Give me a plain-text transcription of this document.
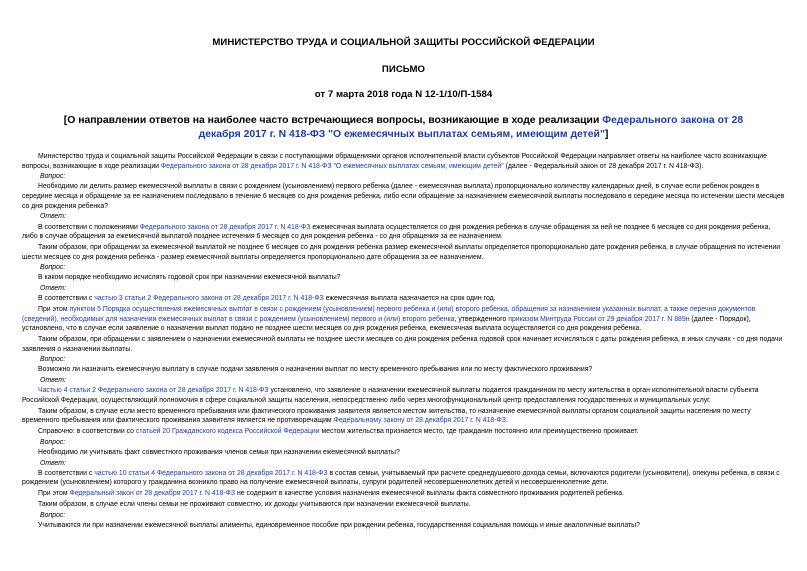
МИНИСТЕРСТВО ТРУДА И СОЦИАЛЬНОЙ ЗАЩИТЫ РОССИЙСКОЙ ФЕДЕРАЦИИ
ПИСЬМО
от 7 марта 2018 года N 12-1/10/П-1584
[О направлении ответов на наиболее часто встречающиеся вопросы, возникающие в ходе реализации Федерального закона от 28 декабря 2017 г. N 418-ФЗ "О ежемесячных выплатах семьям, имеющим детей"]

Министерство труда и социальной защиты Российской Федерации в связи с поступающими обращениями органов исполнительной власти субъектов Российской Федерации направляет ответы на наиболее часто возникающие вопросы, возникающие в ходе реализации Федерального закона от 28 декабря 2017 г. N 418-ФЗ "О ежемесячных выплатах семьям, имеющим детей" (далее - Федеральный закон от 28 декабря 2017 г. N 418-ФЗ).

Вопрос:

Необходимо ли делить размер ежемесячной выплаты в связи с рождением (усыновлением) первого ребенка (далее - ежемесячная выплата) пропорционально количеству календарных дней, в случае если ребенок рожден в середине месяца и обращение за ее назначением последовало в течение 6 месяцев со дня рождения ребенка, либо если обращение за назначением ежемесячной выплаты последовало в середине месяца по истечении шести месяцев со дня рождения ребенка?

Ответ:

В соответствии с положениями Федерального закона от 28 декабря 2017 г. N 418-ФЗ ежемесячная выплата осуществляется со дня рождения ребенка в случае обращения за ней не позднее 6 месяцев со дня рождения ребенка, либо в случае обращения за ежемесячной выплатой позднее истечения 6 месяцев со дня рождения ребенка - со дня обращения за ее назначением.

Таким образом, при обращении за ежемесячной выплатой не позднее 6 месяцев со дня рождения ребенка размер ежемесячной выплаты определяется пропорционально дате рождения ребенка, в случае обращения по истечении шести месяцев со дня рождения ребенка - размер ежемесячной выплаты определяется пропорционально дате обращения за ее назначением.

Вопрос:

В каком порядке необходимо исчислять годовой срок при назначении ежемесячной выплаты?

Ответ:

В соответствии с частью 3 статьи 2 Федерального закона от 28 декабря 2017 г. N 418-ФЗ ежемесячная выплата назначается на срок один год.

При этом пунктом 5 Порядка осуществления ежемесячных выплат в связи с рождением (усыновлением) первого ребенка и (или) второго ребенка, обращения за назначением указанных выплат, а также перечня документов (сведений), необходимых для назначения ежемесячных выплат в связи с рождением (усыновлением) первого и (или) второго ребенка, утвержденного приказом Минтруда России от 29 декабря 2017 г. N 889н (далее - Порядок), установлено, что в случае если заявление о назначении выплат подано не позднее шести месяцев со дня рождения ребенка, ежемесячная выплата осуществляется со дня рождения ребенка.

Таким образом, при обращении с заявлением о назначении ежемесячной выплаты не позднее шести месяцев со дня рождения ребенка годовой срок начинает исчисляться с даты рождения ребенка, в иных случаях - со дня подачи заявления о назначении выплаты.

Вопрос:

Возможно ли назначить ежемесячную выплату в случае подачи заявления о назначении выплат по месту временного пребывания или по месту фактического проживания?

Ответ:

Частью 4 статьи 2 Федерального закона от 28 декабря 2017 г. N 418-ФЗ установлено, что заявление о назначении ежемесячной выплаты подается гражданином по месту жительства в орган исполнительной власти субъекта Российской Федерации, осуществляющий полномочия в сфере социальной защиты населения, непосредственно либо через многофункциональный центр предоставления государственных и муниципальных услуг.

Таким образом, в случае если место временного пребывания или фактического проживания заявителя является местом жительства, то назначение ежемесячной выплаты органом социальной защиты населения по месту временного пребывания или фактического проживания заявителя является не противоречащим Федеральному закону от 28 декабря 2017 г. N 418-ФЗ.

Справочно: в соответствии со статьей 20 Гражданского кодекса Российской Федерации местом жительства признается место, где гражданин постоянно или преимущественно проживает.

Вопрос:

Необходимо ли учитывать факт совместного проживания членов семьи при назначении ежемесячной выплаты?

Ответ:

В соответствии с частью 10 статьи 4 Федерального закона от 28 декабря 2017 г. N 418-ФЗ в состав семьи, учитываемый при расчете среднедушевого дохода семьи, включаются родители (усыновители), опекуны ребенка, в связи с рождением (усыновлением) которого у гражданина возникло право на получение ежемесячной выплаты, супруги родителей несовершеннолетних детей и несовершеннолетние дети.

При этом Федеральный закон от 28 декабря 2017 г. N 418-ФЗ не содержит в качестве условия назначения ежемесячной выплаты факта совместного проживания родителей ребенка.

Таким образом, в случае если члены семьи не проживают совместно, их доходы учитываются при назначении ежемесячной выплаты.

Вопрос:

Учитываются ли при назначении ежемесячной выплаты алименты, единовременное пособие при рождении ребенка, государственная социальная помощь и иные аналогичные выплаты?
